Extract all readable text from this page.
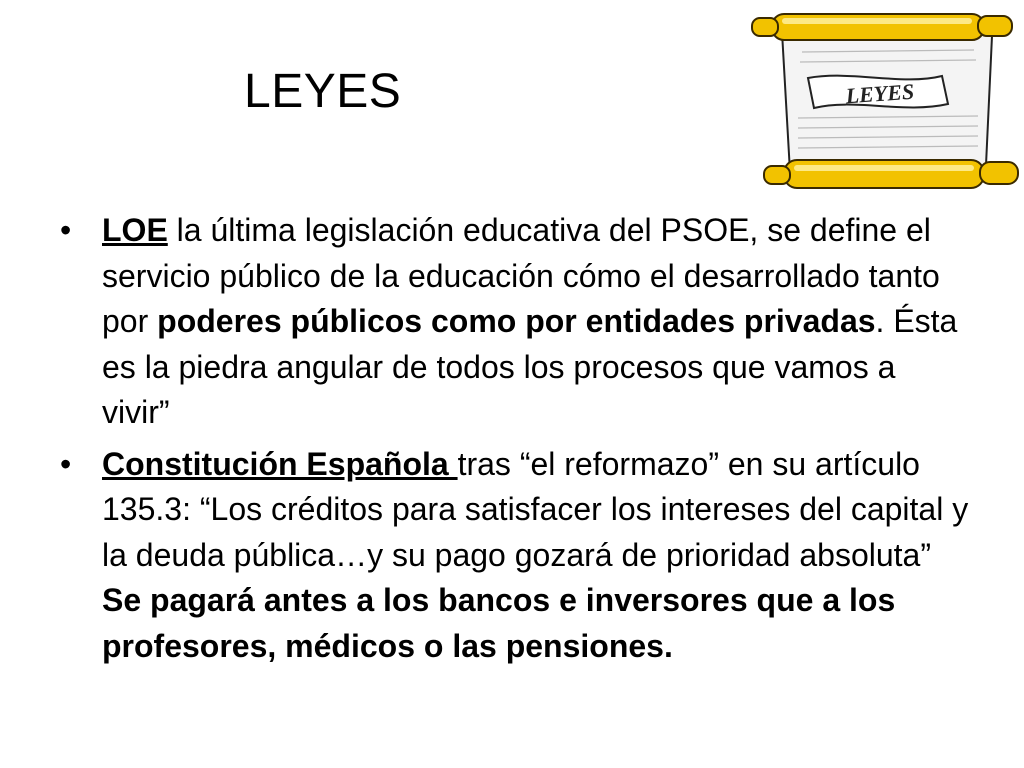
LEYES	LEYES
• LOE la última legislación educativa del PSOE, se define el servicio público de la educación cómo el desarrollado tanto por poderes públicos como por entidades privadas. Ésta es la piedra angular de todos los procesos que vamos a vivir”
• Constitución Española tras “el reformazo” en su artículo 135.3: “Los créditos para satisfacer los intereses del capital y la deuda pública…y su pago gozará de prioridad absoluta” Se pagará antes a los bancos e inversores que a los profesores, médicos o las pensiones.
